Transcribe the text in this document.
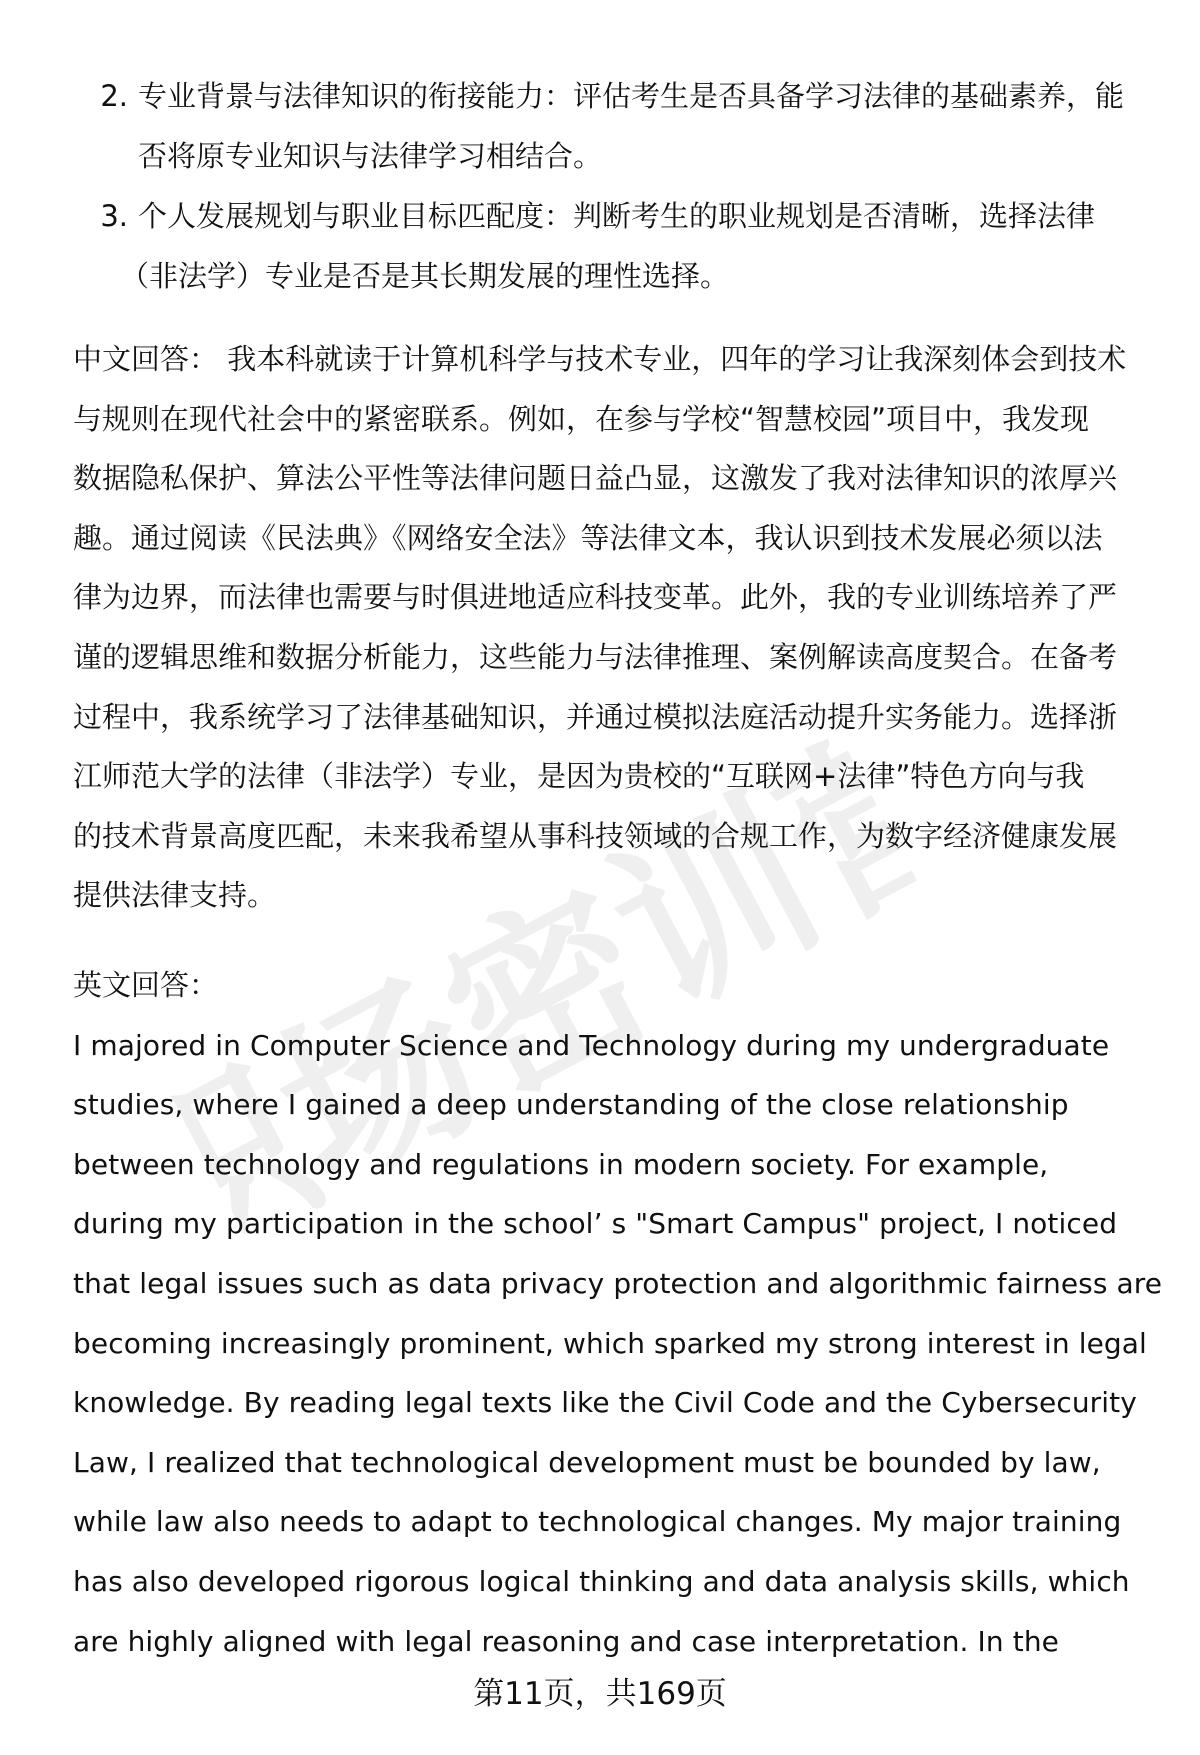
职场密训营
2. 专业背景与法律知识的衔接能力：评估考生是否具备学习法律的基础素养，能
否将原专业知识与法律学习相结合。
3. 个人发展规划与职业目标匹配度：判断考生的职业规划是否清晰，选择法律
（非法学）专业是否是其长期发展的理性选择。
中文回答： 我本科就读于计算机科学与技术专业，四年的学习让我深刻体会到技术
与规则在现代社会中的紧密联系。例如，在参与学校“智慧校园”项目中，我发现
数据隐私保护、算法公平性等法律问题日益凸显，这激发了我对法律知识的浓厚兴
趣。通过阅读《民法典》《网络安全法》等法律文本，我认识到技术发展必须以法
律为边界，而法律也需要与时俱进地适应科技变革。此外，我的专业训练培养了严
谨的逻辑思维和数据分析能力，这些能力与法律推理、案例解读高度契合。在备考
过程中，我系统学习了法律基础知识，并通过模拟法庭活动提升实务能力。选择浙
江师范大学的法律（非法学）专业，是因为贵校的“互联网+法律”特色方向与我
的技术背景高度匹配，未来我希望从事科技领域的合规工作，为数字经济健康发展
提供法律支持。
英文回答：
I majored in Computer Science and Technology during my undergraduate
studies, where I gained a deep understanding of the close relationship
between technology and regulations in modern society. For example,
during my participation in the school’ s "Smart Campus" project, I noticed
that legal issues such as data privacy protection and algorithmic fairness are
becoming increasingly prominent, which sparked my strong interest in legal
knowledge. By reading legal texts like the Civil Code and the Cybersecurity
Law, I realized that technological development must be bounded by law,
while law also needs to adapt to technological changes. My major training
has also developed rigorous logical thinking and data analysis skills, which
are highly aligned with legal reasoning and case interpretation. In the
第11页，共169页
